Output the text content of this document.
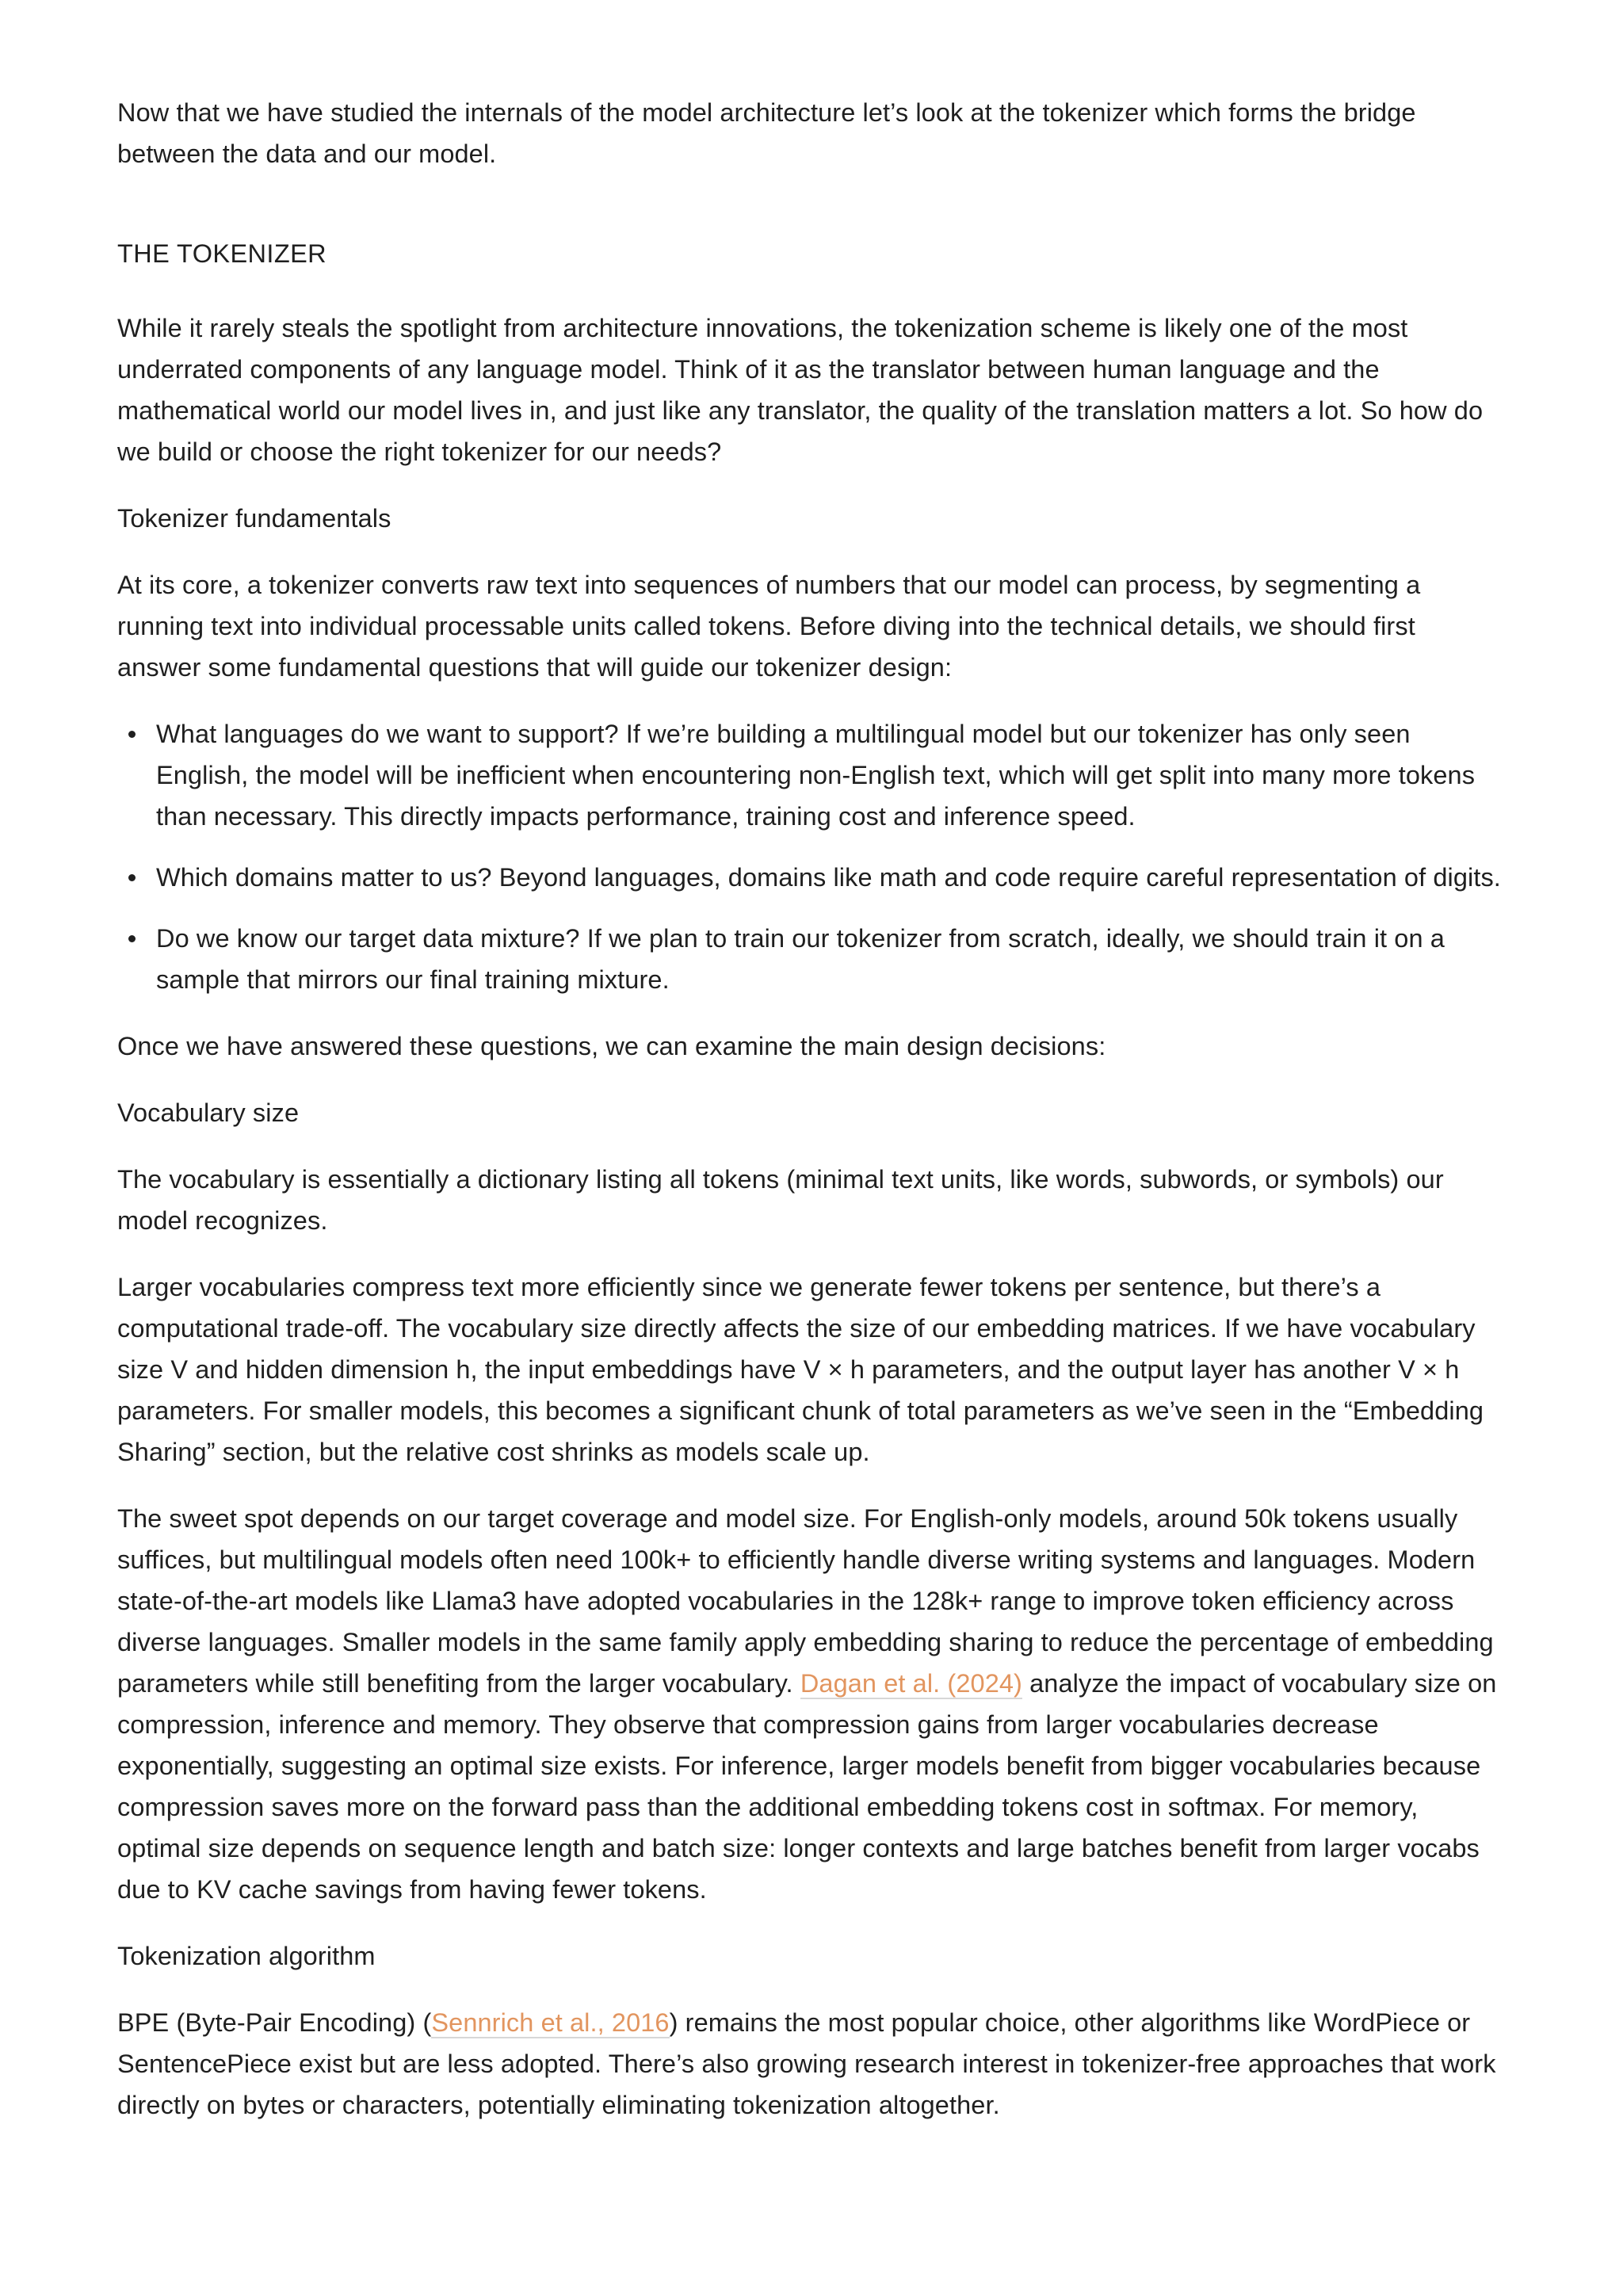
Now that we have studied the internals of the model architecture let’s look at the tokenizer which forms the bridge between the data and our model.

THE TOKENIZER

While it rarely steals the spotlight from architecture innovations, the tokenization scheme is likely one of the most underrated components of any language model. Think of it as the translator between human language and the mathematical world our model lives in, and just like any translator, the quality of the translation matters a lot. So how do we build or choose the right tokenizer for our needs?

Tokenizer fundamentals

At its core, a tokenizer converts raw text into sequences of numbers that our model can process, by segmenting a running text into individual processable units called tokens. Before diving into the technical details, we should first answer some fundamental questions that will guide our tokenizer design:

What languages do we want to support? If we’re building a multilingual model but our tokenizer has only seen English, the model will be inefficient when encountering non-English text, which will get split into many more tokens than necessary. This directly impacts performance, training cost and inference speed.
Which domains matter to us? Beyond languages, domains like math and code require careful representation of digits.
Do we know our target data mixture? If we plan to train our tokenizer from scratch, ideally, we should train it on a sample that mirrors our final training mixture.

Once we have answered these questions, we can examine the main design decisions:

Vocabulary size

The vocabulary is essentially a dictionary listing all tokens (minimal text units, like words, subwords, or symbols) our model recognizes.

Larger vocabularies compress text more efficiently since we generate fewer tokens per sentence, but there’s a computational trade-off. The vocabulary size directly affects the size of our embedding matrices. If we have vocabulary size V and hidden dimension h, the input embeddings have V × h parameters, and the output layer has another V × h parameters. For smaller models, this becomes a significant chunk of total parameters as we’ve seen in the “Embedding Sharing” section, but the relative cost shrinks as models scale up.

The sweet spot depends on our target coverage and model size. For English-only models, around 50k tokens usually suffices, but multilingual models often need 100k+ to efficiently handle diverse writing systems and languages. Modern state-of-the-art models like Llama3 have adopted vocabularies in the 128k+ range to improve token efficiency across diverse languages. Smaller models in the same family apply embedding sharing to reduce the percentage of embedding parameters while still benefiting from the larger vocabulary. Dagan et al. (2024) analyze the impact of vocabulary size on compression, inference and memory. They observe that compression gains from larger vocabularies decrease exponentially, suggesting an optimal size exists. For inference, larger models benefit from bigger vocabularies because compression saves more on the forward pass than the additional embedding tokens cost in softmax. For memory, optimal size depends on sequence length and batch size: longer contexts and large batches benefit from larger vocabs due to KV cache savings from having fewer tokens.

Tokenization algorithm

BPE (Byte-Pair Encoding) (Sennrich et al., 2016) remains the most popular choice, other algorithms like WordPiece or SentencePiece exist but are less adopted. There’s also growing research interest in tokenizer-free approaches that work directly on bytes or characters, potentially eliminating tokenization altogether.
